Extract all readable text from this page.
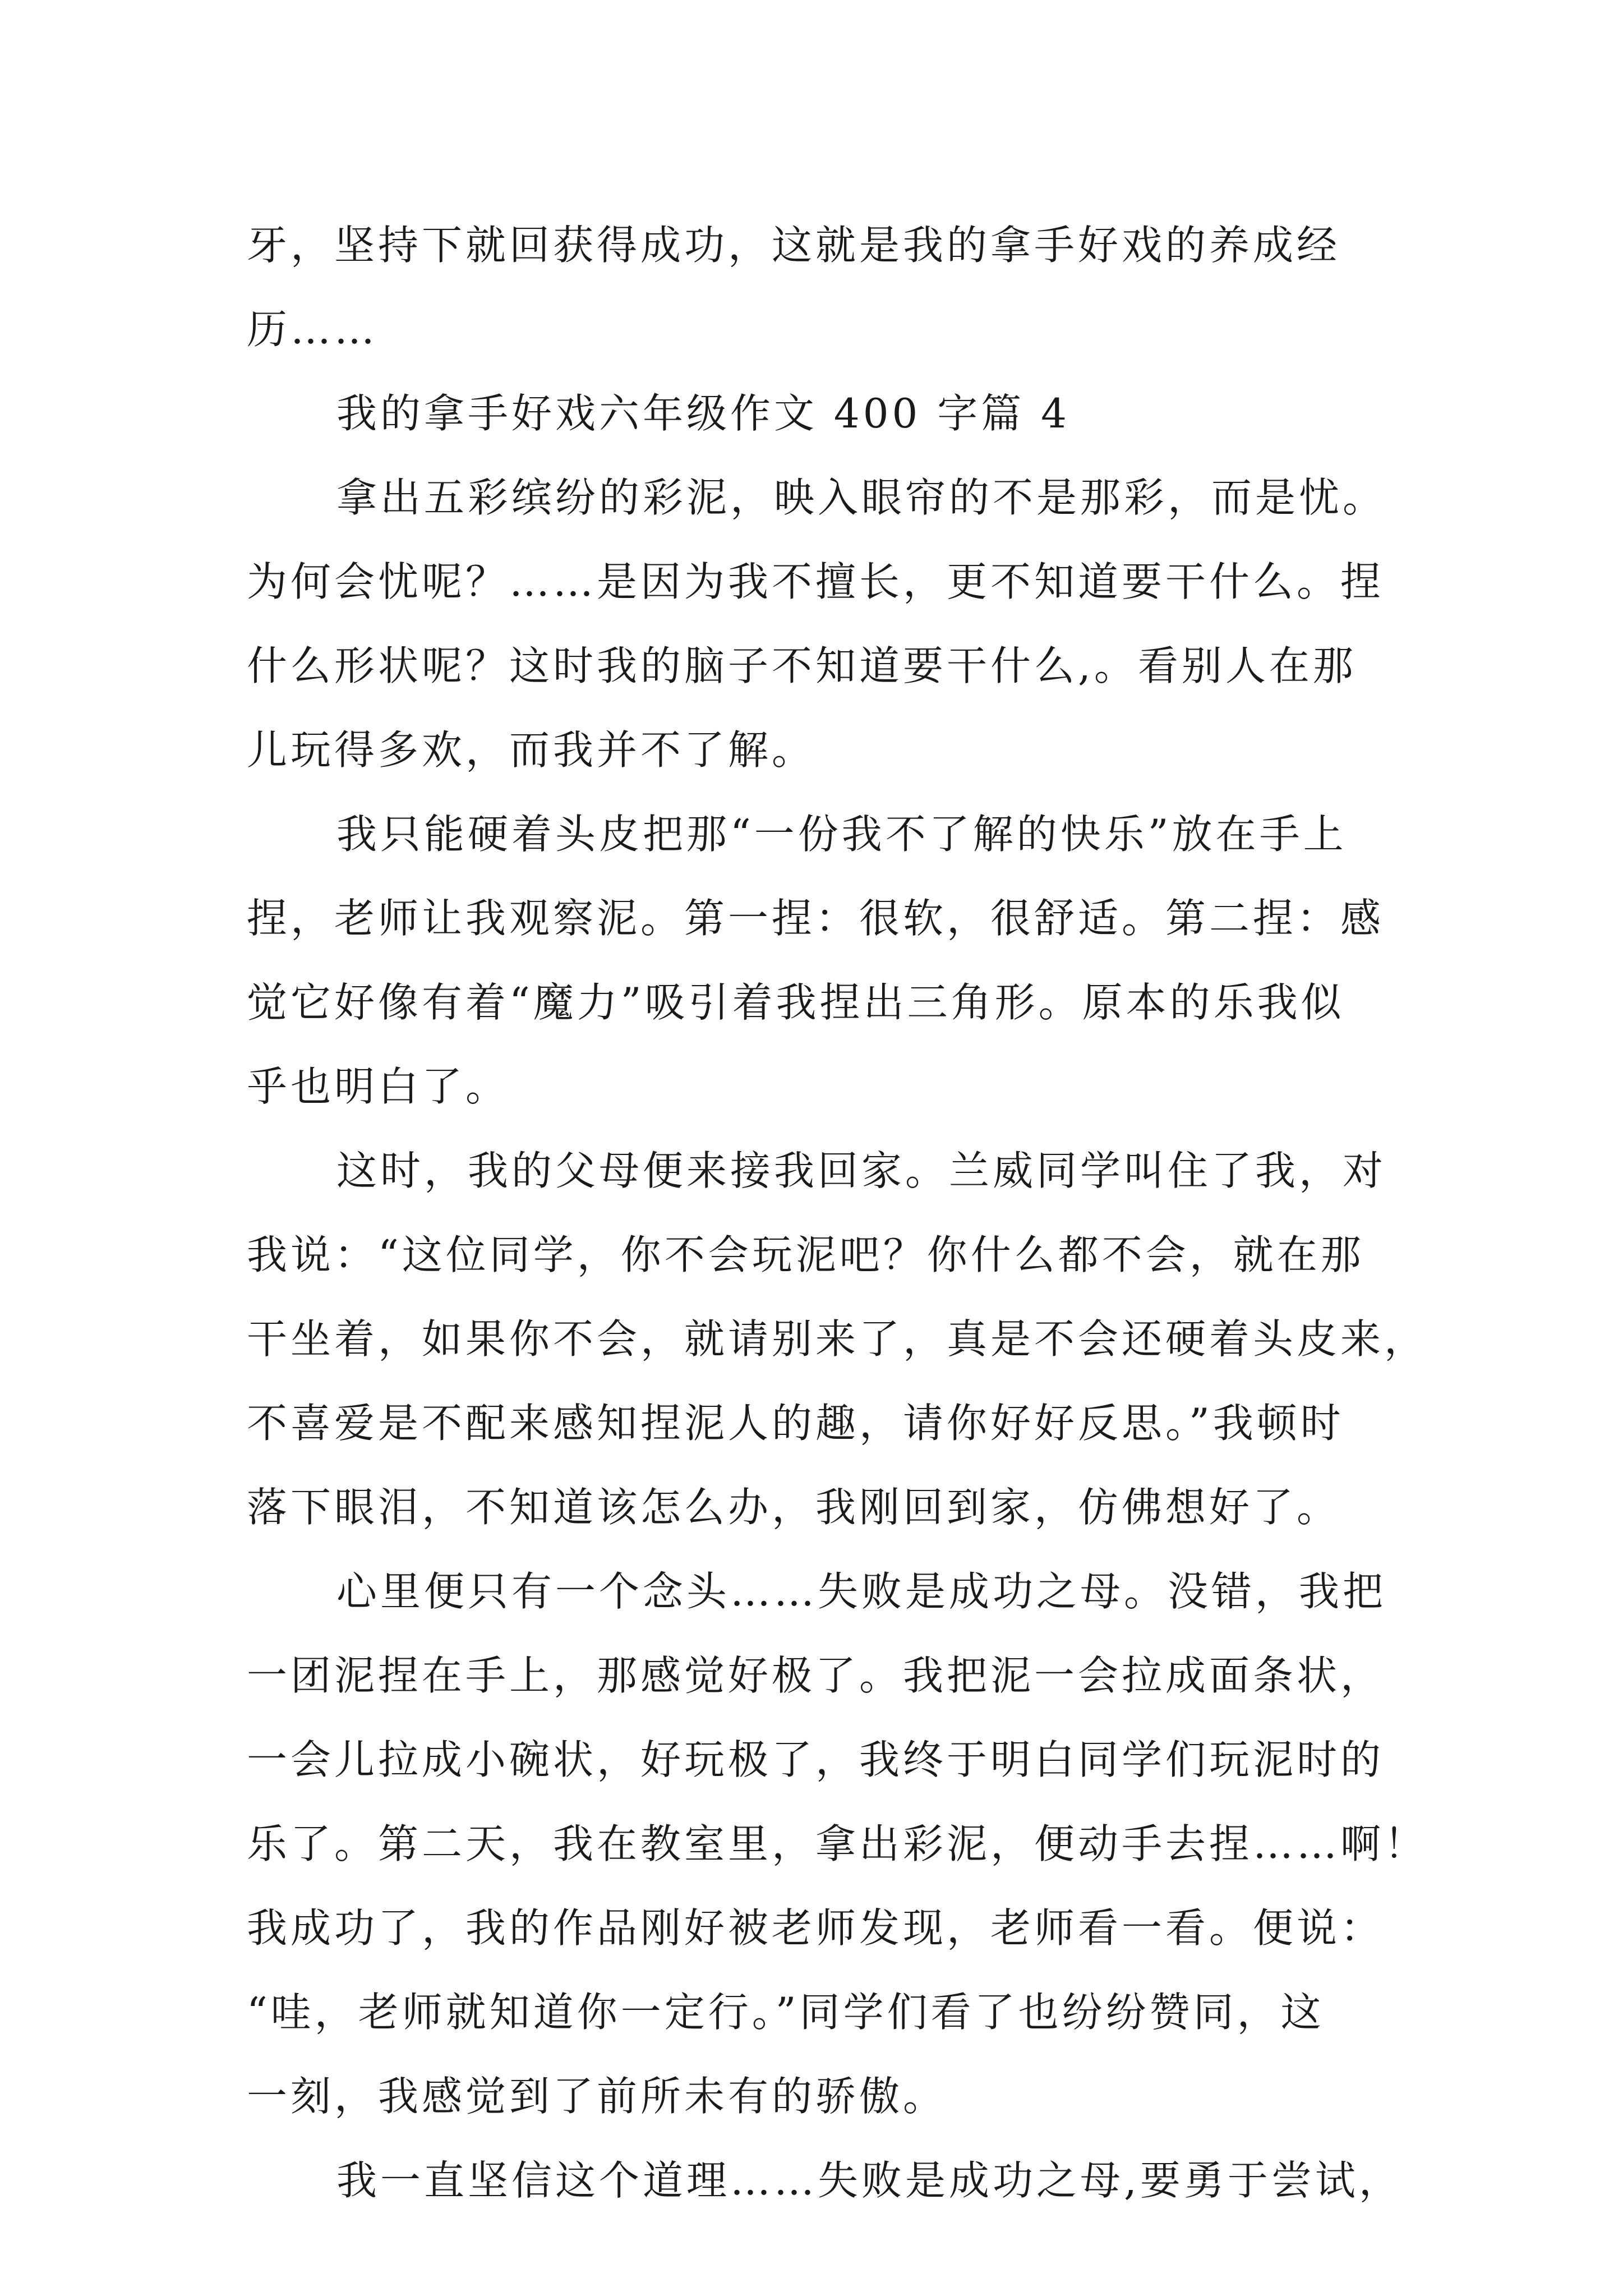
牙，坚持下就回获得成功，这就是我的拿手好戏的养成经
历……
我的拿手好戏六年级作文 400 字篇 4
拿出五彩缤纷的彩泥，映入眼帘的不是那彩，而是忧。
为何会忧呢？……是因为我不擅长，更不知道要干什么。捏
什么形状呢？这时我的脑子不知道要干什么,。看别人在那
儿玩得多欢，而我并不了解。
我只能硬着头皮把那“一份我不了解的快乐”放在手上
捏，老师让我观察泥。第一捏：很软，很舒适。第二捏：感
觉它好像有着“魔力”吸引着我捏出三角形。原本的乐我似
乎也明白了。
这时，我的父母便来接我回家。兰威同学叫住了我，对
我说：“这位同学，你不会玩泥吧？你什么都不会，就在那
干坐着，如果你不会，就请别来了，真是不会还硬着头皮来，
不喜爱是不配来感知捏泥人的趣，请你好好反思。”我顿时
落下眼泪，不知道该怎么办，我刚回到家，仿佛想好了。
心里便只有一个念头……失败是成功之母。没错，我把
一团泥捏在手上，那感觉好极了。我把泥一会拉成面条状，
一会儿拉成小碗状，好玩极了，我终于明白同学们玩泥时的
乐了。第二天，我在教室里，拿出彩泥，便动手去捏……啊！
我成功了，我的作品刚好被老师发现，老师看一看。便说：
“哇，老师就知道你一定行。”同学们看了也纷纷赞同，这
一刻，我感觉到了前所未有的骄傲。
我一直坚信这个道理……失败是成功之母,要勇于尝试，
